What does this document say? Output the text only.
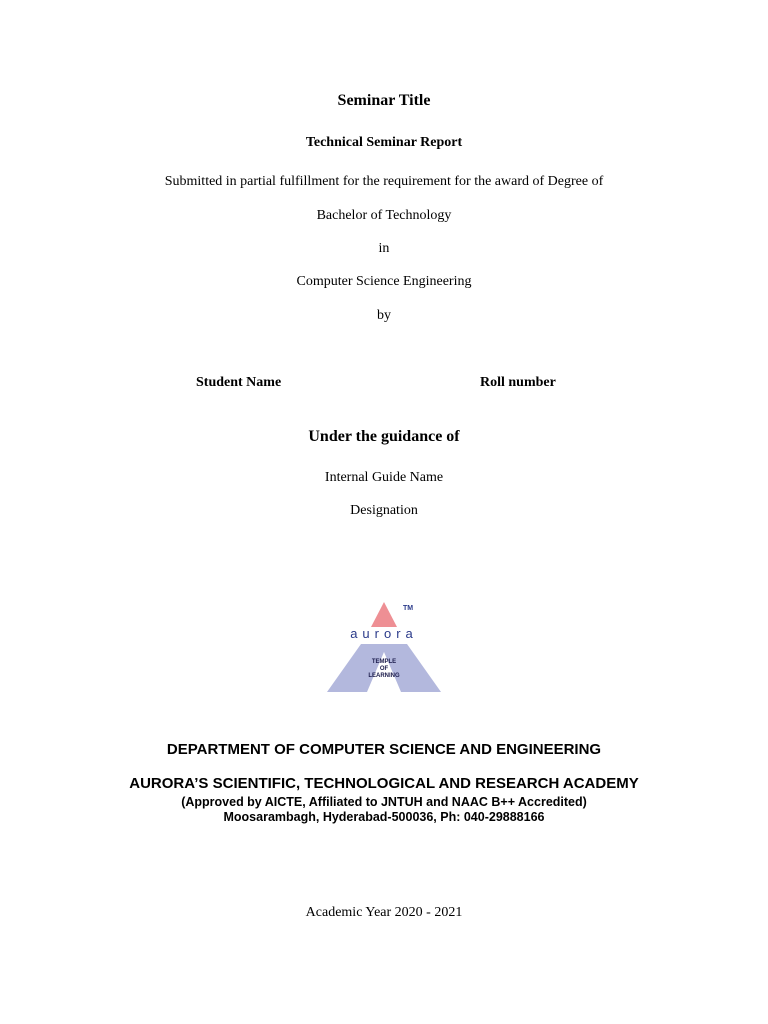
Seminar Title
Technical Seminar Report
Submitted in partial fulfillment for the requirement for the award of Degree of
Bachelor of Technology
in
Computer Science Engineering
by
Student Name	Roll number
Under the guidance of
Internal Guide Name
Designation
TM
aurora
TEMPLE
OF
LEARNING
DEPARTMENT OF COMPUTER SCIENCE AND ENGINEERING
AURORA’S SCIENTIFIC, TECHNOLOGICAL AND RESEARCH ACADEMY
(Approved by AICTE, Affiliated to JNTUH and NAAC B++ Accredited)
Moosarambagh, Hyderabad-500036, Ph: 040-29888166
Academic Year 2020 - 2021
